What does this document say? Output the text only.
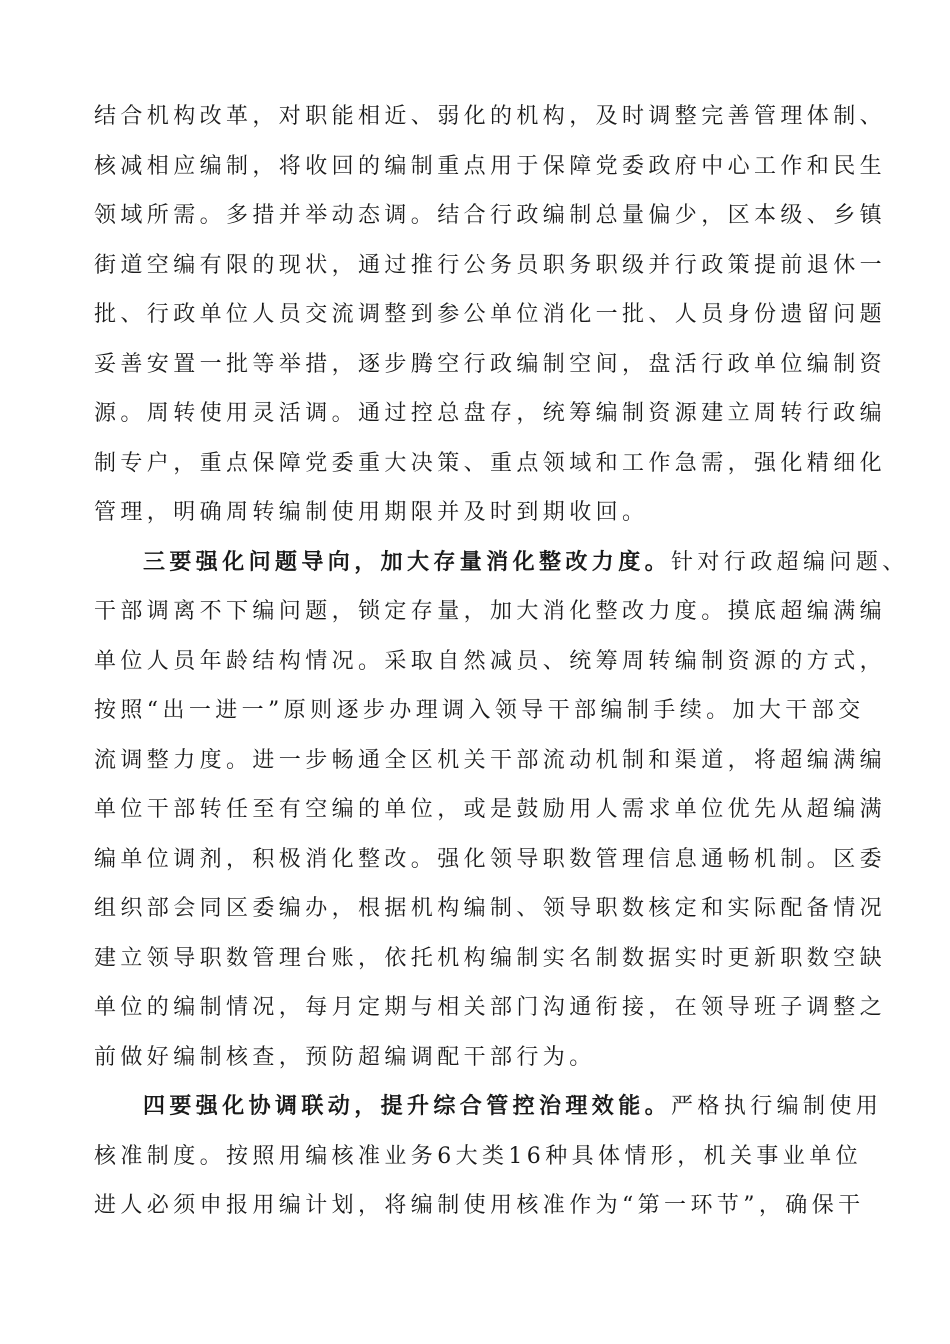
结合机构改革，对职能相近、弱化的机构，及时调整完善管理体制、
核减相应编制，将收回的编制重点用于保障党委政府中心工作和民生
领域所需。多措并举动态调。结合行政编制总量偏少，区本级、乡镇
街道空编有限的现状，通过推行公务员职务职级并行政策提前退休一
批、行政单位人员交流调整到参公单位消化一批、人员身份遗留问题
妥善安置一批等举措，逐步腾空行政编制空间，盘活行政单位编制资
源。周转使用灵活调。通过控总盘存，统筹编制资源建立周转行政编
制专户，重点保障党委重大决策、重点领域和工作急需，强化精细化
管理，明确周转编制使用期限并及时到期收回。
三要强化问题导向，加大存量消化整改力度。针对行政超编问题、
干部调离不下编问题，锁定存量，加大消化整改力度。摸底超编满编
单位人员年龄结构情况。采取自然减员、统筹周转编制资源的方式，
按照“出一进一”原则逐步办理调入领导干部编制手续。加大干部交
流调整力度。进一步畅通全区机关干部流动机制和渠道，将超编满编
单位干部转任至有空编的单位，或是鼓励用人需求单位优先从超编满
编单位调剂，积极消化整改。强化领导职数管理信息通畅机制。区委
组织部会同区委编办，根据机构编制、领导职数核定和实际配备情况
建立领导职数管理台账，依托机构编制实名制数据实时更新职数空缺
单位的编制情况，每月定期与相关部门沟通衔接，在领导班子调整之
前做好编制核查，预防超编调配干部行为。
四要强化协调联动，提升综合管控治理效能。严格执行编制使用
核准制度。按照用编核准业务6大类16种具体情形，机关事业单位
进人必须申报用编计划，将编制使用核准作为“第一环节”，确保干
